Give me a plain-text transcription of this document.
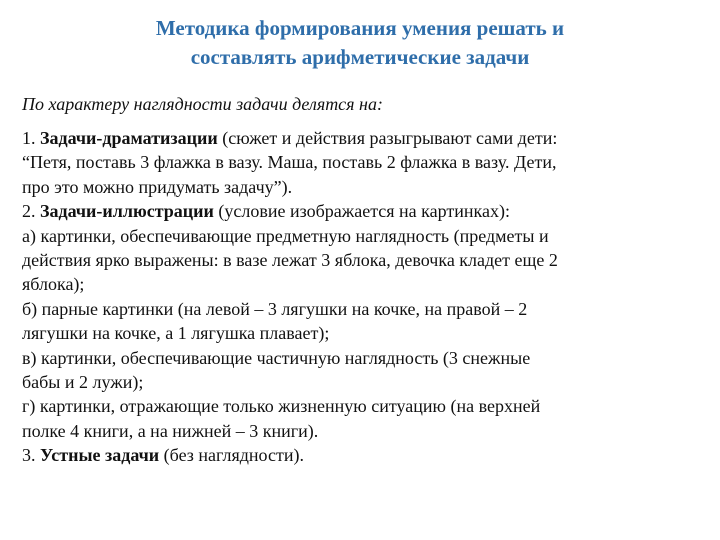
Методика формирования умения решать и
составлять арифметические задачи
По характеру наглядности задачи делятся на:
1. Задачи-драматизации (сюжет и действия разыгрывают сами дети:
“Петя, поставь 3 флажка в вазу. Маша, поставь 2 флажка в вазу. Дети,
про это можно придумать задачу”).
2. Задачи-иллюстрации (условие изображается на картинках):
а) картинки, обеспечивающие предметную наглядность (предметы и
действия ярко выражены: в вазе лежат 3 яблока, девочка кладет еще 2
яблока);
б) парные картинки (на левой – 3 лягушки на кочке, на правой – 2
лягушки на кочке, а 1 лягушка плавает);
в) картинки, обеспечивающие частичную наглядность (3 снежные
бабы и 2 лужи);
г) картинки, отражающие только жизненную ситуацию (на верхней
полке 4 книги, а на нижней – 3 книги).
3. Устные задачи (без наглядности).
